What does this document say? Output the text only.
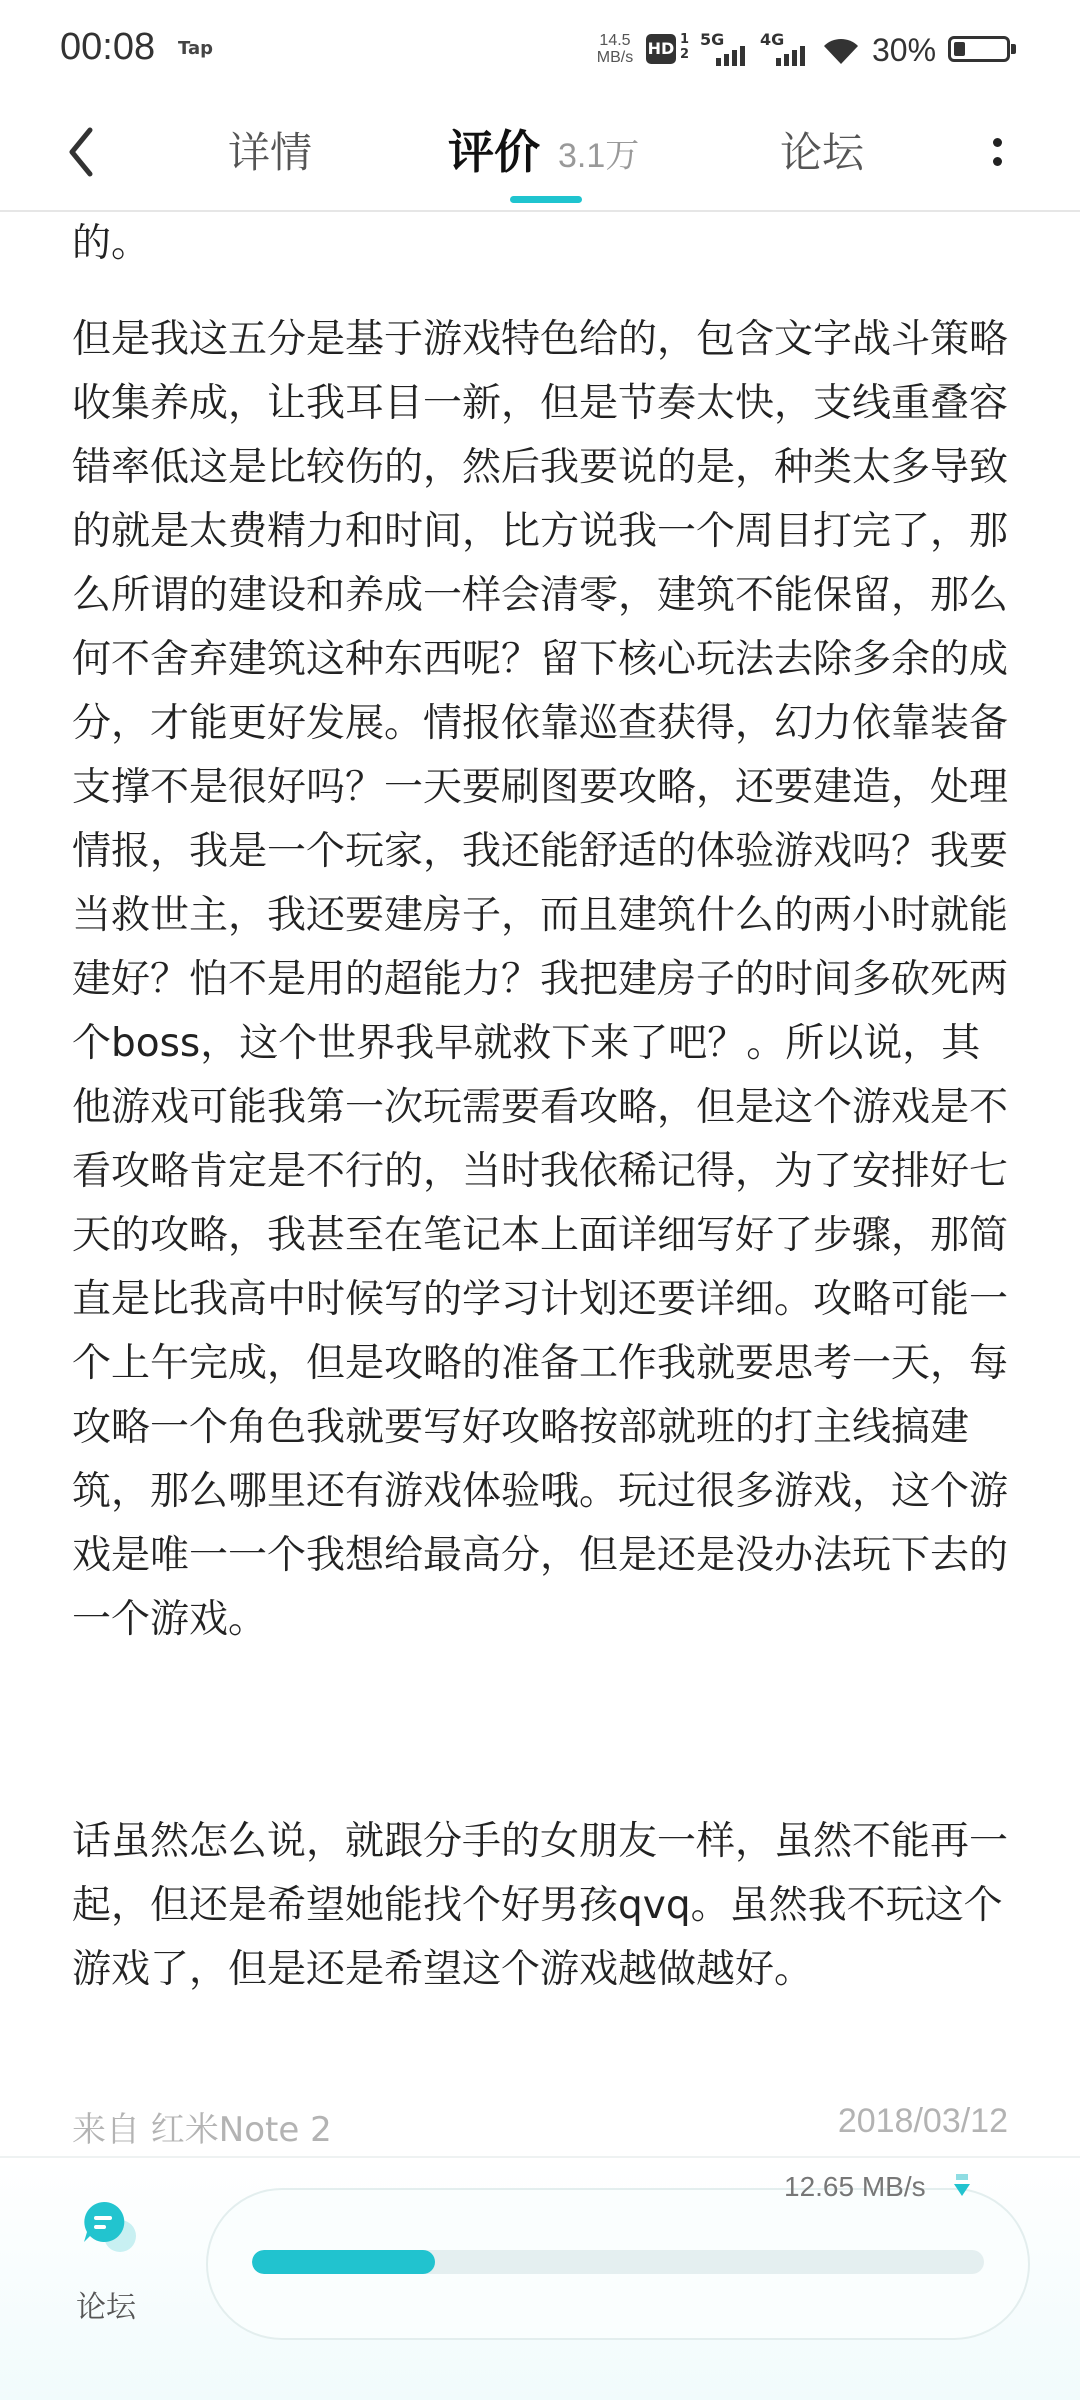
00:08 Tap	14.5
MB/s HD 1 2
5G 4G	30%
详情	评价 3.1万	论坛

的。

但是我这五分是基于游戏特色给的，包含文字战斗策略收集养成，让我耳目一新，但是节奏太快，支线重叠容错率低这是比较伤的，然后我要说的是，种类太多导致的就是太费精力和时间，比方说我一个周目打完了，那么所谓的建设和养成一样会清零，建筑不能保留，那么何不舍弃建筑这种东西呢？留下核心玩法去除多余的成分，才能更好发展。情报依靠巡查获得，幻力依靠装备支撑不是很好吗？一天要刷图要攻略，还要建造，处理情报，我是一个玩家，我还能舒适的体验游戏吗？我要当救世主，我还要建房子，而且建筑什么的两小时就能建好？怕不是用的超能力？我把建房子的时间多砍死两个boss，这个世界我早就救下来了吧？。所以说，其他游戏可能我第一次玩需要看攻略，但是这个游戏是不看攻略肯定是不行的，当时我依稀记得，为了安排好七天的攻略，我甚至在笔记本上面详细写好了步骤，那简直是比我高中时候写的学习计划还要详细。攻略可能一个上午完成，但是攻略的准备工作我就要思考一天，每攻略一个角色我就要写好攻略按部就班的打主线搞建筑，那么哪里还有游戏体验哦。玩过很多游戏，这个游戏是唯一一个我想给最高分，但是还是没办法玩下去的一个游戏。

话虽然怎么说，就跟分手的女朋友一样，虽然不能再一起，但还是希望她能找个好男孩qvq。虽然我不玩这个游戏了，但是还是希望这个游戏越做越好。

来自 红米Note 2	2018/03/12
论坛
12.65 MB/s
